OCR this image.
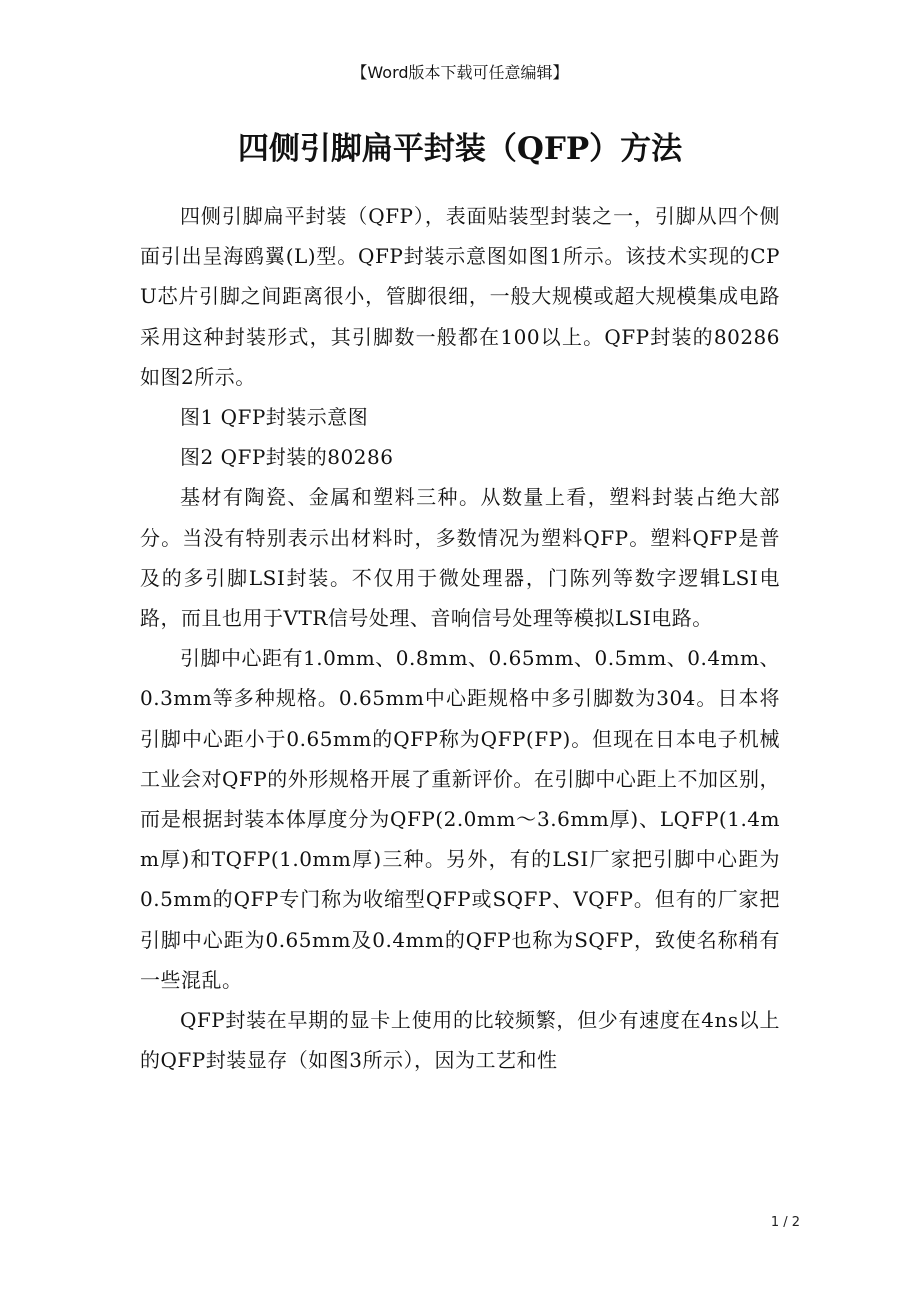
【Word版本下载可任意编辑】
四侧引脚扁平封装（QFP）方法

四侧引脚扁平封装（QFP），表面贴装型封装之一，引脚从四个侧面引出呈海鸥翼(L)型。QFP封装示意图如图1所示。该技术实现的CPU芯片引脚之间距离很小，管脚很细，一般大规模或超大规模集成电路采用这种封装形式，其引脚数一般都在100以上。QFP封装的80286如图2所示。

图1 QFP封装示意图

图2 QFP封装的80286

基材有陶瓷、金属和塑料三种。从数量上看，塑料封装占绝大部分。当没有特别表示出材料时，多数情况为塑料QFP。塑料QFP是普及的多引脚LSI封装。不仅用于微处理器，门陈列等数字逻辑LSI电路，而且也用于VTR信号处理、音响信号处理等模拟LSI电路。

引脚中心距有1.0mm、0.8mm、0.65mm、0.5mm、0.4mm、0.3mm等多种规格。0.65mm中心距规格中多引脚数为304。日本将引脚中心距小于0.65mm的QFP称为QFP(FP)。但现在日本电子机械工业会对QFP的外形规格开展了重新评价。在引脚中心距上不加区别，而是根据封装本体厚度分为QFP(2.0mm～3.6mm厚)、LQFP(1.4mm厚)和TQFP(1.0mm厚)三种。另外，有的LSI厂家把引脚中心距为0.5mm的QFP专门称为收缩型QFP或SQFP、VQFP。但有的厂家把引脚中心距为0.65mm及0.4mm的QFP也称为SQFP，致使名称稍有一些混乱。

QFP封装在早期的显卡上使用的比较频繁，但少有速度在4ns以上的QFP封装显存（如图3所示），因为工艺和性

1 / 2
